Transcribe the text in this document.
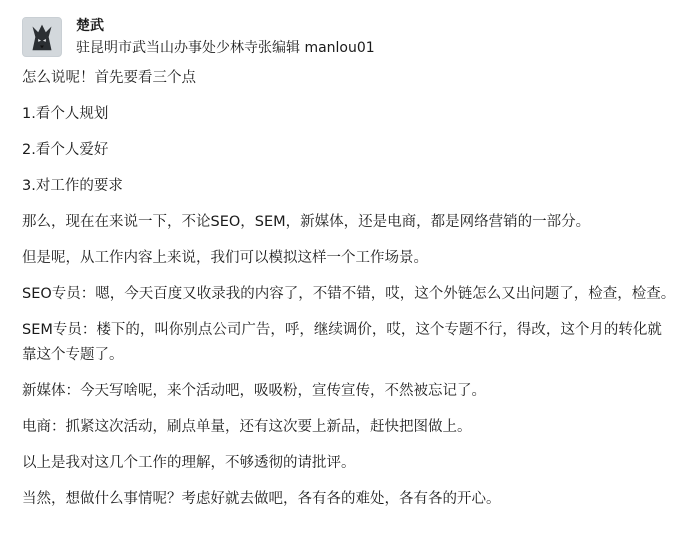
楚武
驻昆明市武当山办事处少林寺张编辑 manlou01

怎么说呢！首先要看三个点

1.看个人规划

2.看个人爱好

3.对工作的要求

那么，现在在来说一下，不论SEO，SEM，新媒体，还是电商，都是网络营销的一部分。

但是呢，从工作内容上来说，我们可以模拟这样一个工作场景。

SEO专员：嗯，今天百度又收录我的内容了，不错不错，哎，这个外链怎么又出问题了，检查，检查。

SEM专员：楼下的，叫你别点公司广告，呼，继续调价，哎，这个专题不行，得改，这个月的转化就靠这个专题了。

新媒体：今天写啥呢，来个活动吧，吸吸粉，宣传宣传，不然被忘记了。

电商：抓紧这次活动，刷点单量，还有这次要上新品，赶快把图做上。

以上是我对这几个工作的理解，不够透彻的请批评。

当然，想做什么事情呢？考虑好就去做吧，各有各的难处，各有各的开心。
